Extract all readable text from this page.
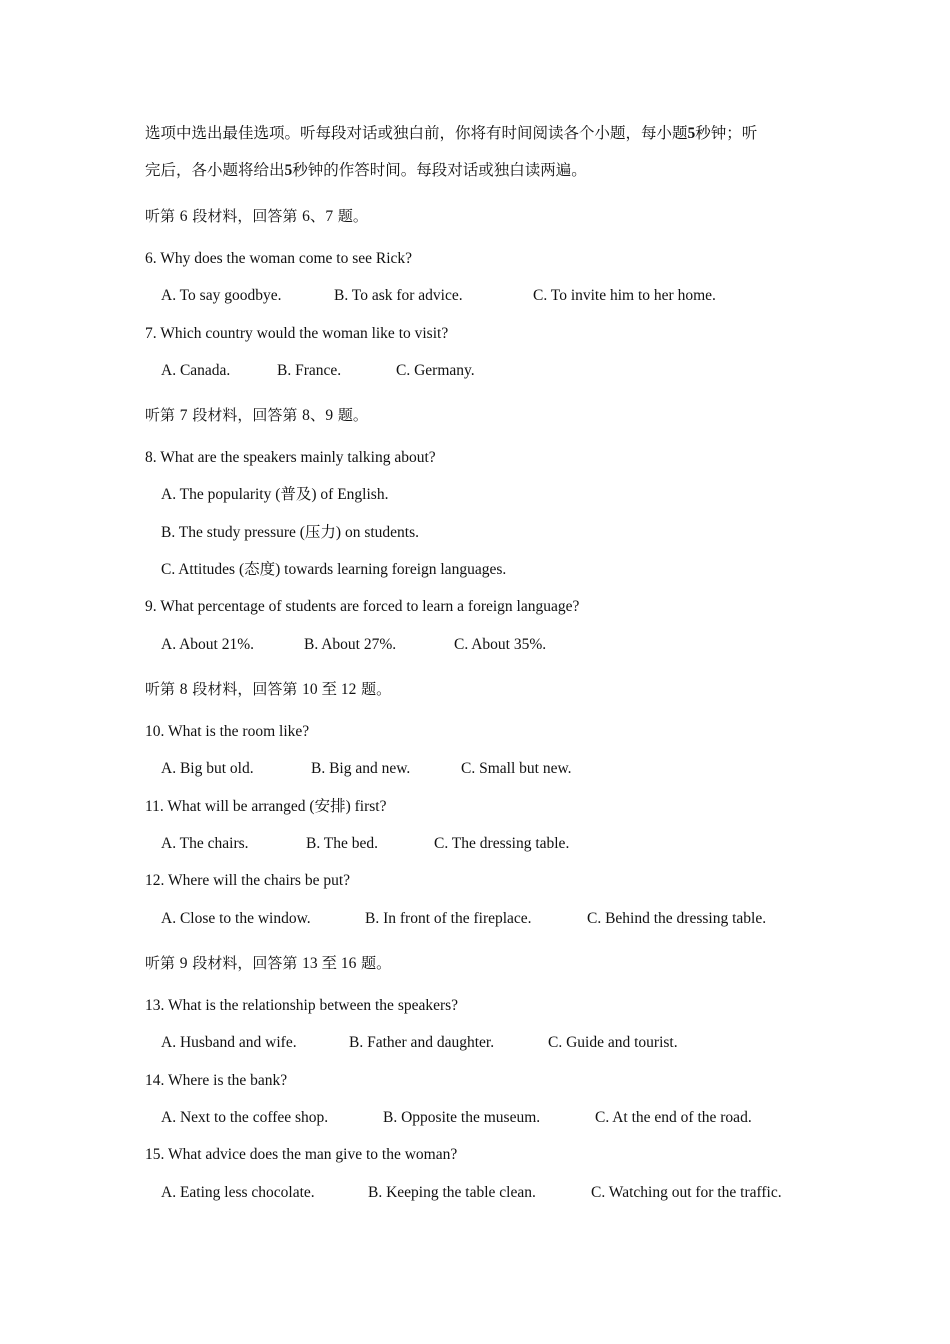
选项中选出最佳选项。听每段对话或独白前，你将有时间阅读各个小题，每小题5秒钟；听
完后，各小题将给出5秒钟的作答时间。每段对话或独白读两遍。
听第 6 段材料，回答第 6、7 题。
6. Why does the woman come to see Rick?
A. To say goodbye.	B. To ask for advice.	C. To invite him to her home.
7. Which country would the woman like to visit?
A. Canada.	B. France.	C. Germany.
听第 7 段材料，回答第 8、9 题。
8. What are the speakers mainly talking about?
A. The popularity (普及) of English.
B. The study pressure (压力) on students.
C. Attitudes (态度) towards learning foreign languages.
9. What percentage of students are forced to learn a foreign language?
A. About 21%.	B. About 27%.	C. About 35%.
听第 8 段材料，回答第 10 至 12 题。
10. What is the room like?
A. Big but old.	B. Big and new.	C. Small but new.
11. What will be arranged (安排) first?
A. The chairs.	B. The bed.	C. The dressing table.
12. Where will the chairs be put?
A. Close to the window.	B. In front of the fireplace.	C. Behind the dressing table.
听第 9 段材料，回答第 13 至 16 题。
13. What is the relationship between the speakers?
A. Husband and wife.	B. Father and daughter.	C. Guide and tourist.
14. Where is the bank?
A. Next to the coffee shop.	B. Opposite the museum.	C. At the end of the road.
15. What advice does the man give to the woman?
A. Eating less chocolate.	B. Keeping the table clean.	C. Watching out for the traffic.
